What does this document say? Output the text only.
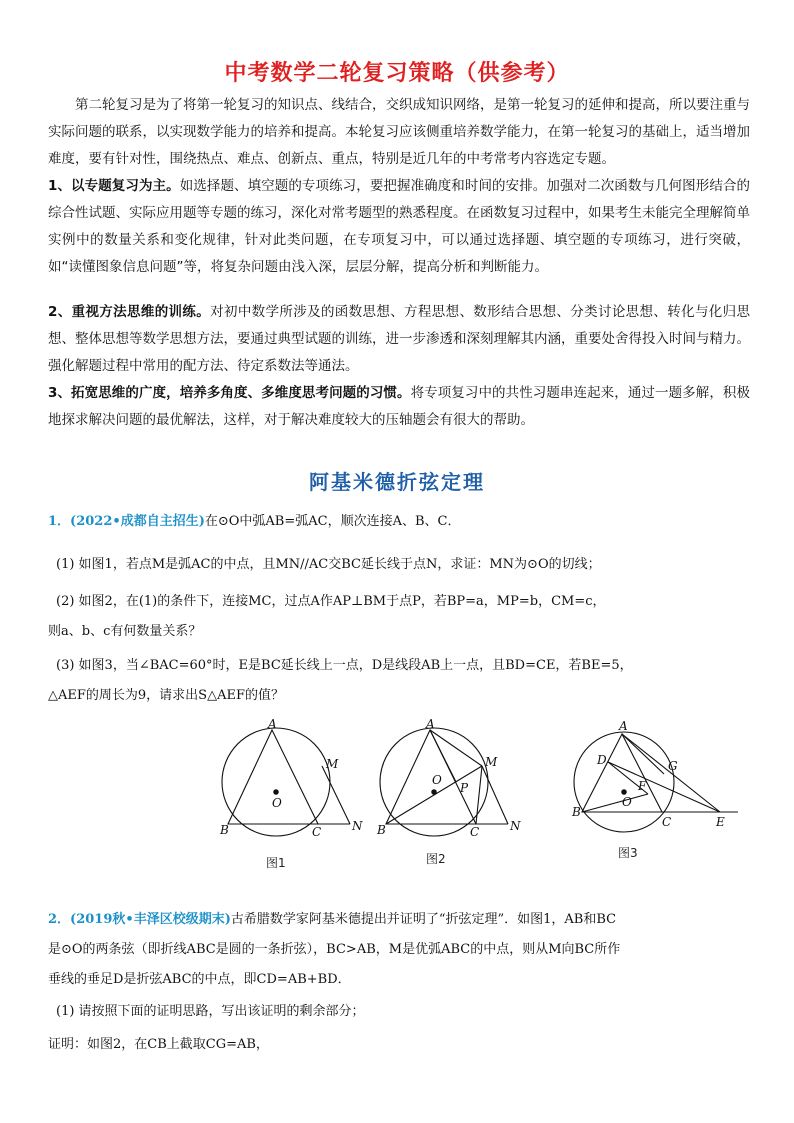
中考数学二轮复习策略（供参考）
第二轮复习是为了将第一轮复习的知识点、线结合，交织成知识网络，是第一轮复习的延伸和提高，所以要注重与实际问题的联系，以实现数学能力的培养和提高。本轮复习应该侧重培养数学能力，在第一轮复习的基础上，适当增加难度，要有针对性，围绕热点、难点、创新点、重点，特别是近几年的中考常考内容选定专题。
1、以专题复习为主。如选择题、填空题的专项练习，要把握准确度和时间的安排。加强对二次函数与几何图形结合的综合性试题、实际应用题等专题的练习，深化对常考题型的熟悉程度。在函数复习过程中，如果考生未能完全理解简单实例中的数量关系和变化规律，针对此类问题，在专项复习中，可以通过选择题、填空题的专项练习，进行突破，如“读懂图象信息问题”等，将复杂问题由浅入深，层层分解，提高分析和判断能力。
2、重视方法思维的训练。对初中数学所涉及的函数思想、方程思想、数形结合思想、分类讨论思想、转化与化归思想、整体思想等数学思想方法，要通过典型试题的训练，进一步渗透和深刻理解其内涵，重要处舍得投入时间与精力。强化解题过程中常用的配方法、待定系数法等通法。
3、拓宽思维的广度，培养多角度、多维度思考问题的习惯。将专项复习中的共性习题串连起来，通过一题多解，积极地探求解决问题的最优解法，这样，对于解决难度较大的压轴题会有很大的帮助。
阿基米德折弦定理
1．(2022•成都自主招生)在⊙O中弧AB=弧AC，顺次连接A、B、C．
(1) 如图1，若点M是弧AC的中点，且MN//AC交BC延长线于点N，求证：MN为⊙O的切线；
(2) 如图2，在(1)的条件下，连接MC，过点A作AP⊥BM于点P，若BP=a，MP=b，CM=c，
则a、b、c有何数量关系？
(3) 如图3，当∠BAC=60°时，E是BC延长线上一点，D是线段AB上一点，且BD=CE，若BE=5，
△AEF的周长为9，请求出S△AEF的值？
A
M
O
B	C	N
A
M
O
P
B	C	N
A
D	G
O
F
B
C	E
图1	图2	图3
2．(2019秋•丰泽区校级期末)古希腊数学家阿基米德提出并证明了“折弦定理”．如图1，AB和BC
是⊙O的两条弦（即折线ABC是圆的一条折弦），BC>AB，M是优弧ABC的中点，则从M向BC所作
垂线的垂足D是折弦ABC的中点，即CD=AB+BD．
(1) 请按照下面的证明思路，写出该证明的剩余部分；
证明：如图2，在CB上截取CG=AB，
